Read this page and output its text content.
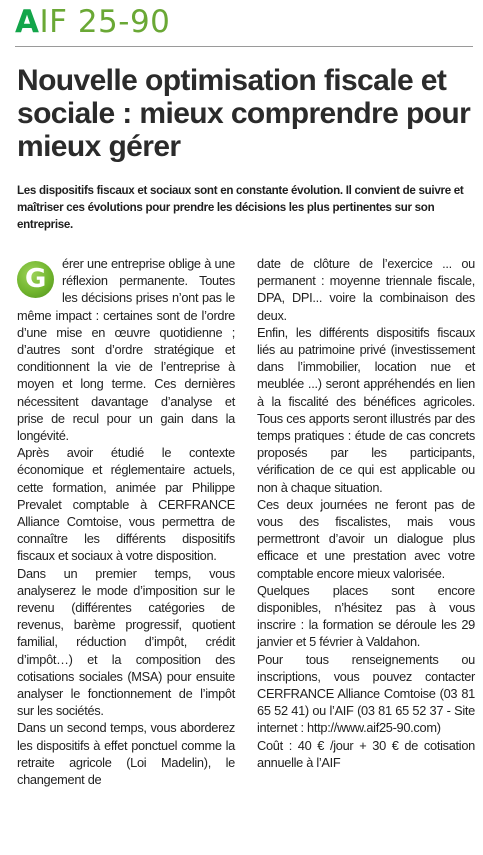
AIF 25-90
Nouvelle optimisation fiscale et sociale : mieux comprendre pour mieux gérer

Les dispositifs fiscaux et sociaux sont en constante évolution. Il convient de suivre et maîtriser ces évolutions pour prendre les décisions les plus pertinentes sur son entreprise.

G
érer une entreprise oblige à une réflexion permanente. Toutes les décisions prises n’ont pas le même impact : certaines sont de l’ordre d’une mise en œuvre quotidienne ; d’autres sont d’ordre stratégique et conditionnent la vie de l’entreprise à moyen et long terme. Ces dernières nécessitent davantage d’analyse et prise de recul pour un gain dans la longévité.

Après avoir étudié le contexte économique et réglementaire actuels, cette formation, animée par Philippe Prevalet comptable à CERFRANCE Alliance Comtoise, vous permettra de connaître les différents dispositifs fiscaux et sociaux à votre disposition.

Dans un premier temps, vous analyserez le mode d’imposition sur le revenu (différentes catégories de revenus, barème progressif, quotient familial, réduction d’impôt, crédit d’impôt…) et la composition des cotisations sociales (MSA) pour ensuite analyser le fonctionnement de l’impôt sur les sociétés.

Dans un second temps, vous aborderez les dispositifs à effet ponctuel comme la retraite agricole (Loi Madelin), le changement de

date de clôture de l’exercice ... ou permanent : moyenne triennale fiscale, DPA, DPI... voire la combinaison des deux.

Enfin, les différents dispositifs fiscaux liés au patrimoine privé (investissement dans l’immobilier, location nue et meublée ...) seront appréhendés en lien à la fiscalité des bénéfices agricoles. Tous ces apports seront illustrés par des temps pratiques : étude de cas concrets proposés par les participants, vérification de ce qui est applicable ou non à chaque situation.

Ces deux journées ne feront pas de vous des fiscalistes, mais vous permettront d’avoir un dialogue plus efficace et une prestation avec votre comptable encore mieux valorisée.

Quelques places sont encore disponibles, n’hésitez pas à vous inscrire : la formation se déroule les 29 janvier et 5 février à Valdahon.

Pour tous renseignements ou inscriptions, vous pouvez contacter CERFRANCE Alliance Comtoise (03 81 65 52 41) ou l’AIF (03 81 65 52 37 - Site internet : http://www.aif25-90.com)

Coût : 40 € /jour + 30 € de cotisation annuelle à l’AIF
